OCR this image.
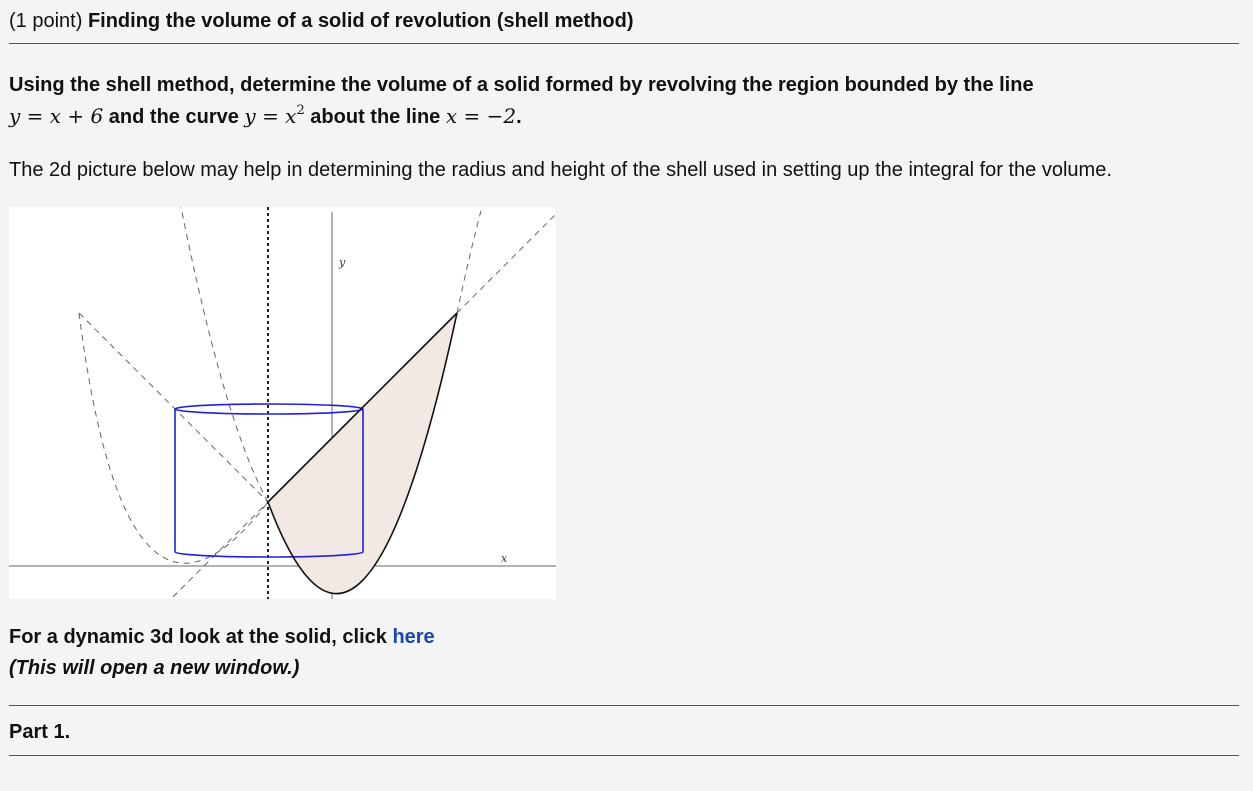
(1 point) Finding the volume of a solid of revolution (shell method)
Using the shell method, determine the volume of a solid formed by revolving the region bounded by the line
y = x + 6 and the curve $y = x^2$ about the line x = −2.
The 2d picture below may help in determining the radius and height of the shell used in setting up the integral for the volume.
y
x
For a dynamic 3d look at the solid, click here
(This will open a new window.)
Part 1.
